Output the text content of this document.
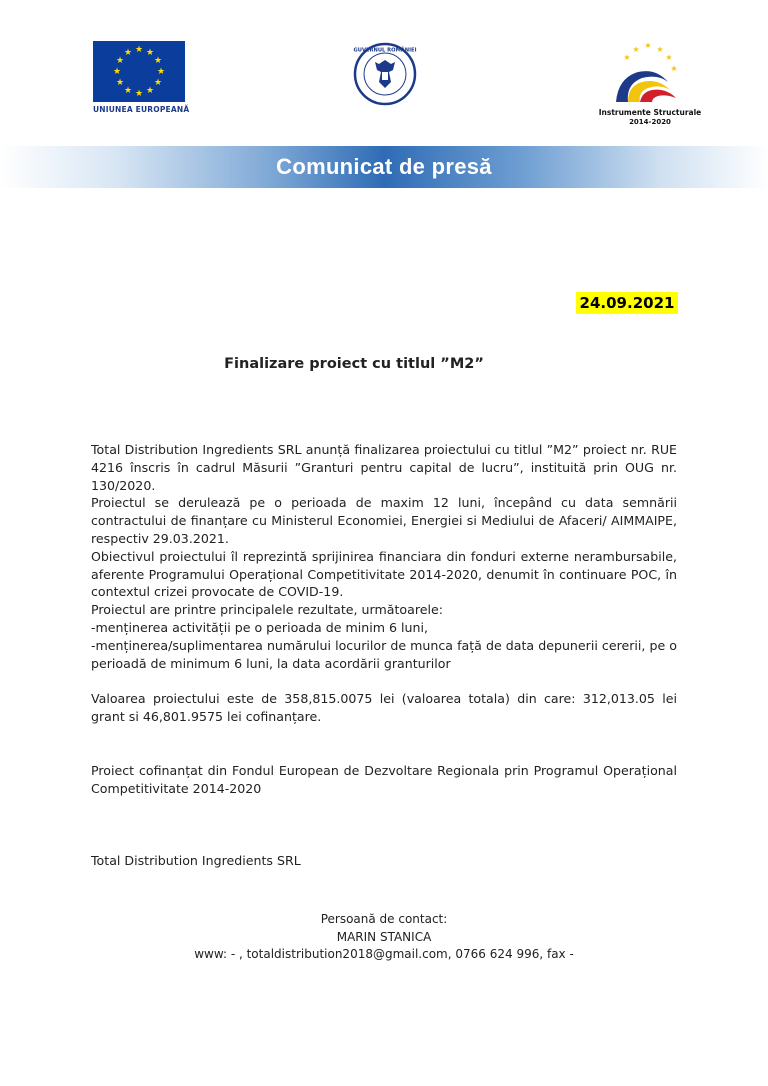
★ ★
★
★
★
★
★
★
★
★
★
★
UNIUNEA EUROPEANĂ
GUVERNUL ROMÂNIEI
★ ★
★
★
★
★
Instrumente Structurale
2014-2020
Comunicat de presă
24.09.2021
Finalizare proiect cu titlul ”M2”

Total Distribution Ingredients SRL anunță finalizarea proiectului cu titlul ”M2” proiect nr. RUE 4216 înscris în cadrul Măsurii ”Granturi pentru capital de lucru”, instituită prin OUG nr. 130/2020.

Proiectul se derulează pe o perioada de maxim 12 luni, începând cu data semnării contractului de finanțare cu Ministerul Economiei, Energiei si Mediului de Afaceri/ AIMMAIPE, respectiv 29.03.2021.

Obiectivul proiectului îl reprezintă sprijinirea financiara din fonduri externe nerambursabile, aferente Programului Operațional Competitivitate 2014-2020, denumit în continuare POC, în contextul crizei provocate de COVID-19.

Proiectul are printre principalele rezultate, următoarele:

-menținerea activității pe o perioada de minim 6 luni,

-menținerea/suplimentarea numărului locurilor de munca față de data depunerii cererii, pe o perioadă de minimum 6 luni, la data acordării granturilor

Valoarea proiectului este de 358,815.0075 lei (valoarea totala) din care: 312,013.05 lei grant si 46,801.9575 lei cofinanțare.

Proiect cofinanțat din Fondul European de Dezvoltare Regionala prin Programul Operațional Competitivitate 2014-2020

Total Distribution Ingredients SRL

Persoană de contact:
MARIN STANICA
www: - , totaldistribution2018@gmail.com, 0766 624 996, fax -
